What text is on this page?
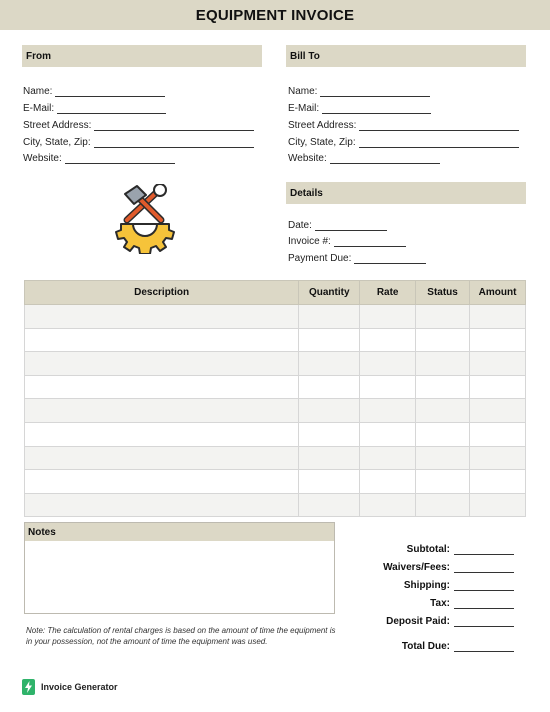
EQUIPMENT INVOICE
From
Name:
E-Mail:
Street Address:
City, State, Zip:
Website:
Bill To
Name:
E-Mail:
Street Address:
City, State, Zip:
Website:
Details
Date:
Invoice #:
Payment Due:
Description	Quantity	Rate	Status	Amount

Notes
Note: The calculation of rental charges is based on the amount of time the equipment is in your possession, not the amount of time the equipment was used.
Subtotal:
Waivers/Fees:
Shipping:
Tax:
Deposit Paid:
Total Due:
Invoice Generator
